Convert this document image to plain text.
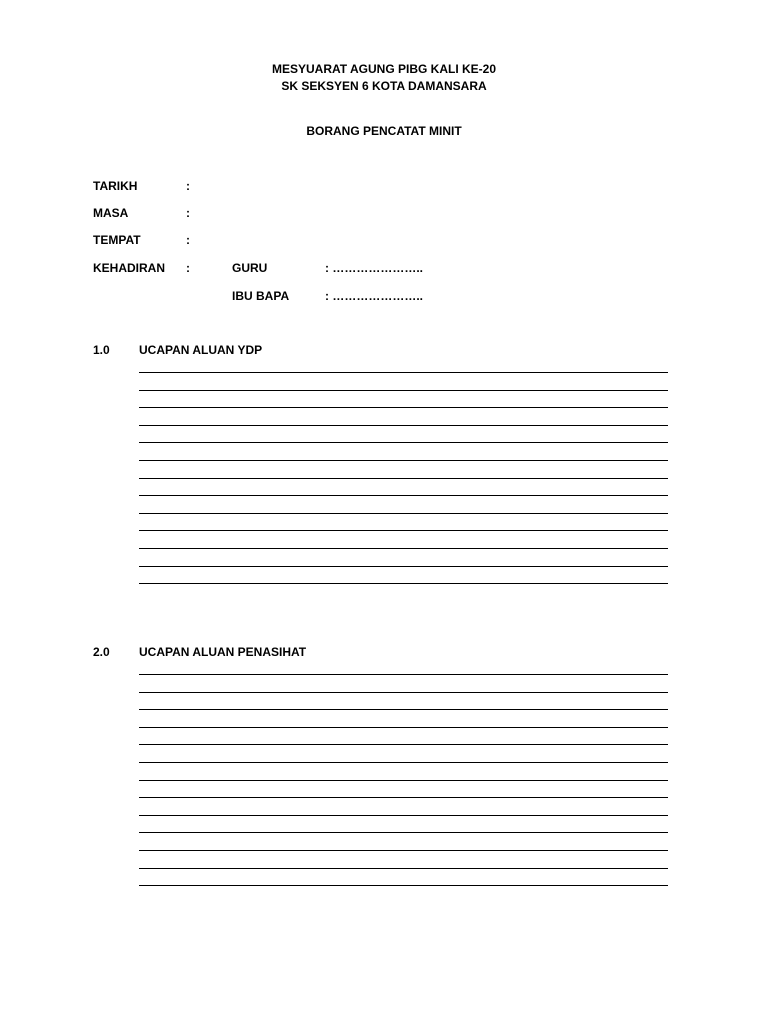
MESYUARAT AGUNG PIBG KALI KE-20
SK SEKSYEN 6 KOTA DAMANSARA
BORANG PENCATAT MINIT
TARIKH	:
MASA	:
TEMPAT	:
KEHADIRAN :	GURU	: …………………..
IBU BAPA	: …………………..
1.0 UCAPAN ALUAN YDP
2.0 UCAPAN ALUAN PENASIHAT
